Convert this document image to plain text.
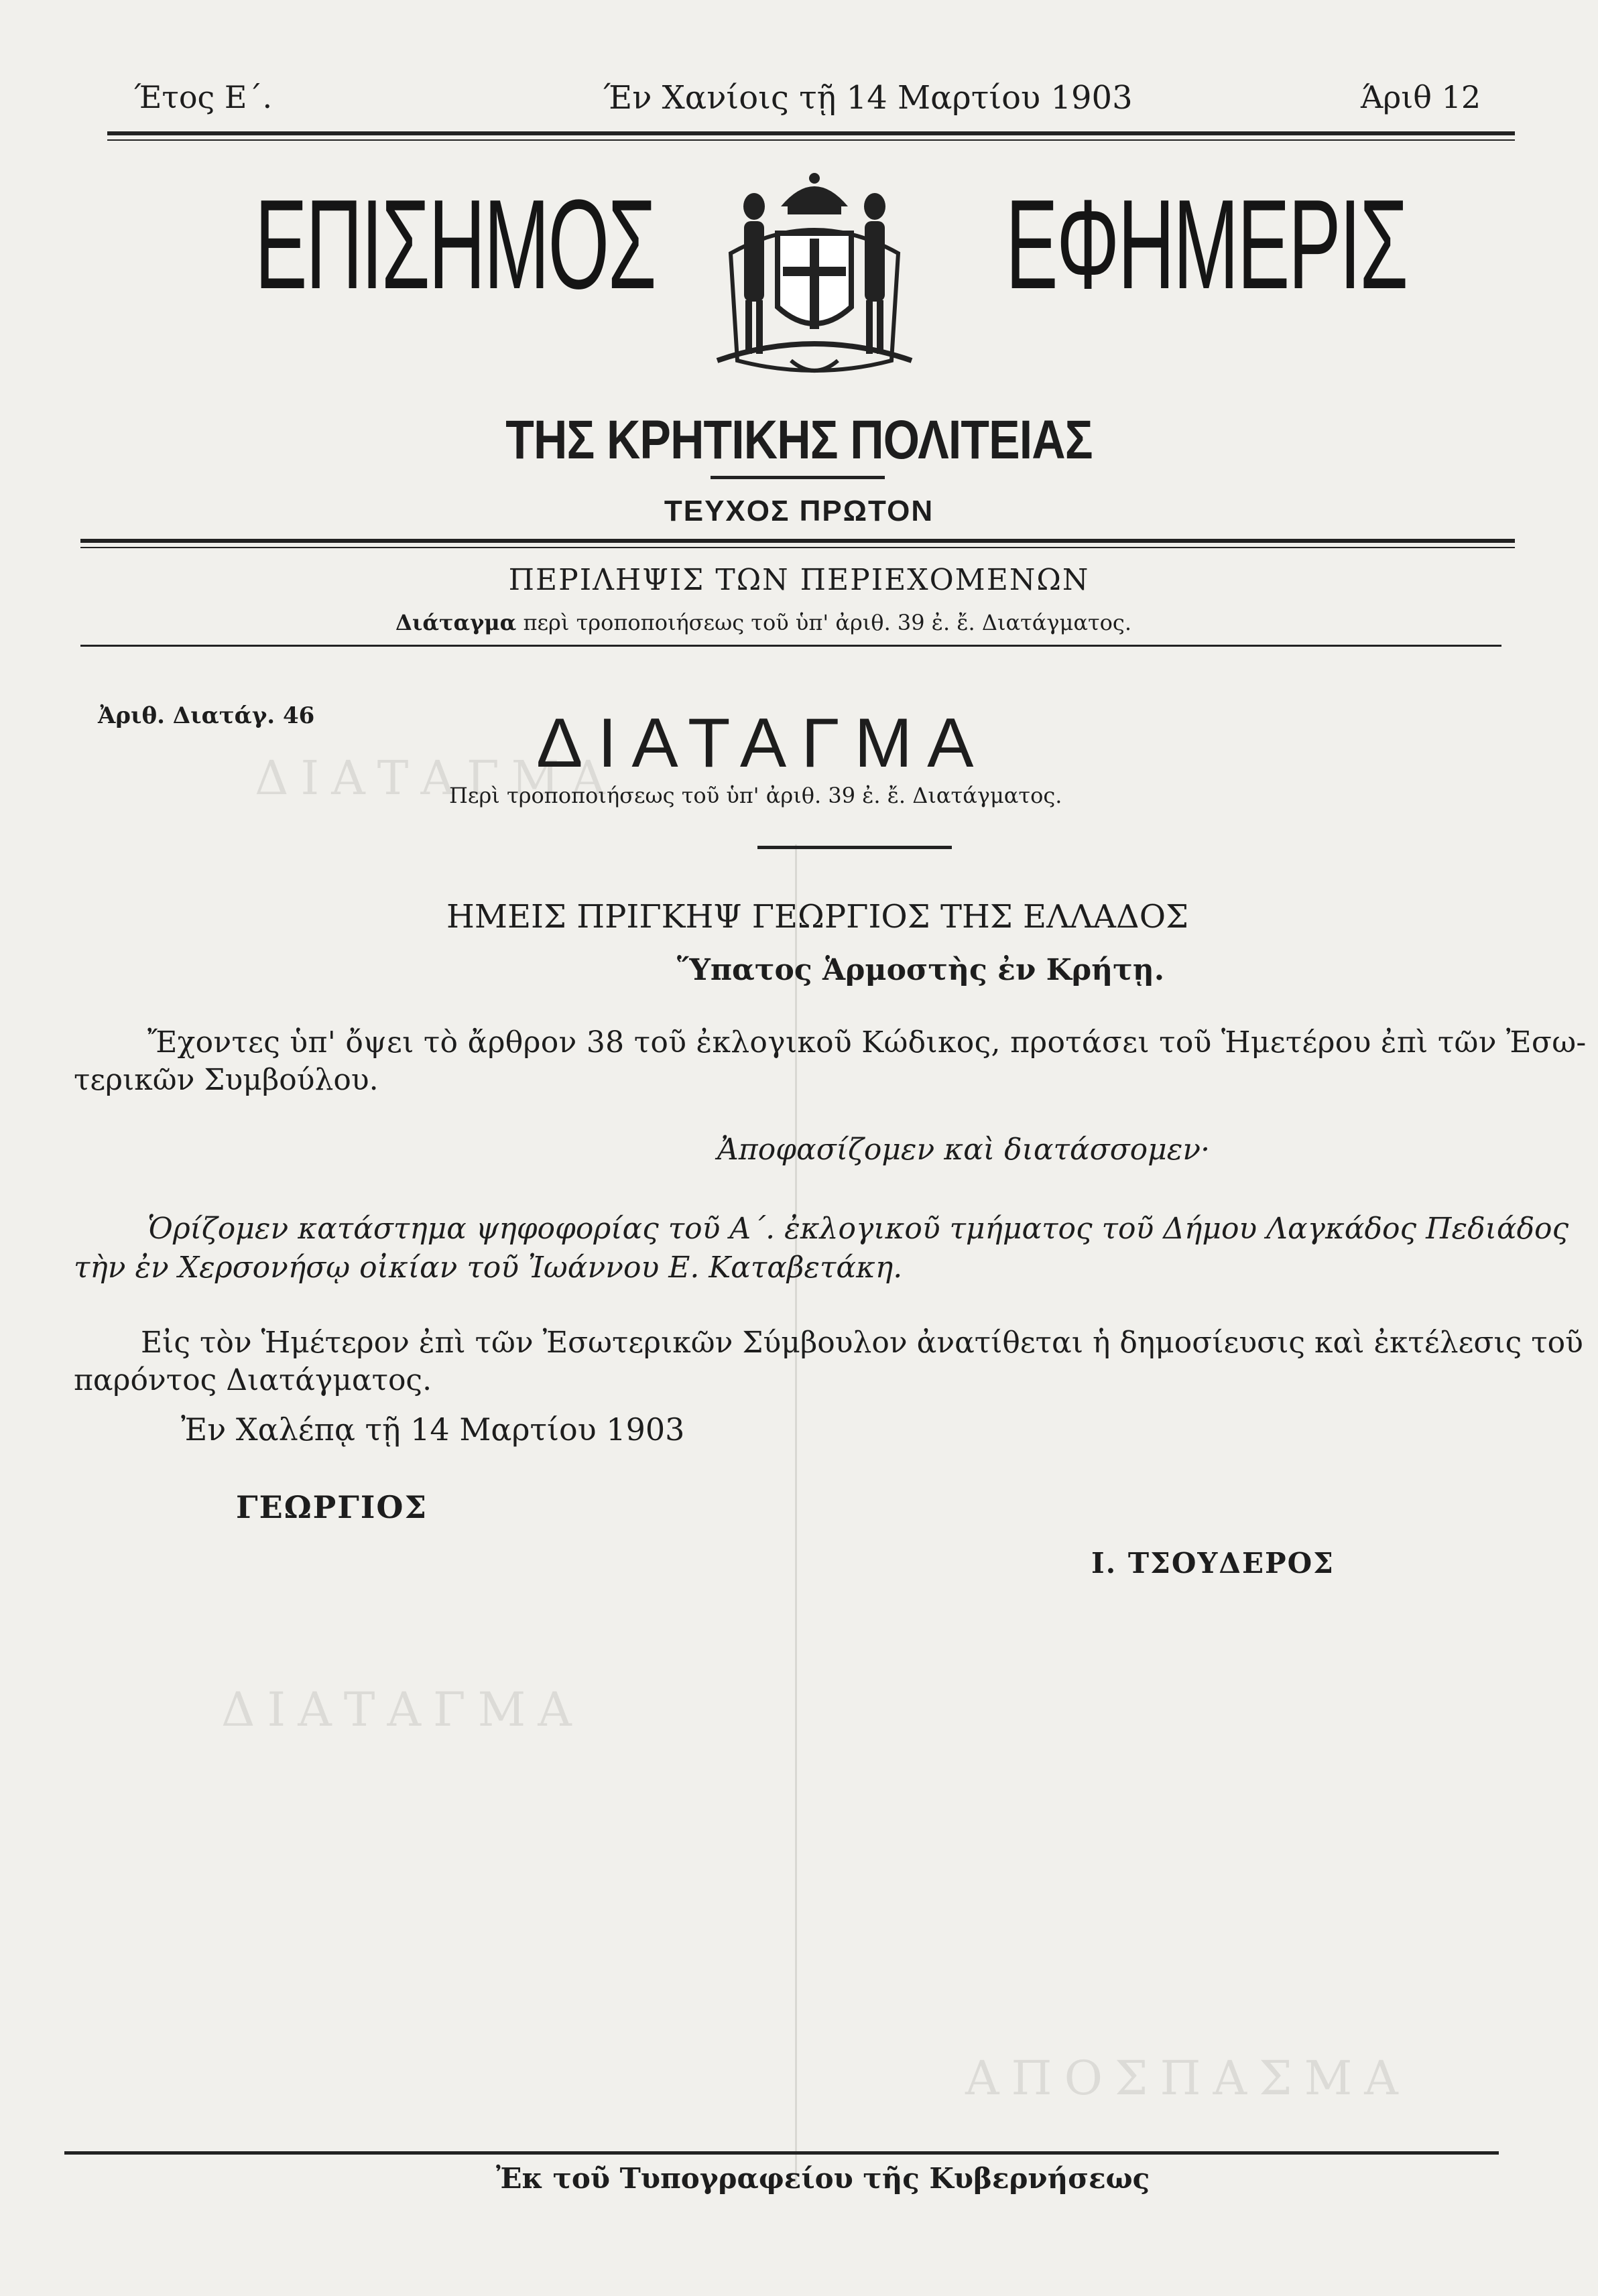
ΔΙΑΤΑΓΜΑ
ΔΙΑΤΑΓΜΑ
ΑΠΟΣΠΑΣΜΑ
Έτος Ε΄.	Έν Χανίοις τῇ 14 Μαρτίου 1903	Άριθ 12
ΕΠΙΣΗΜΟΣ	ΕΦΗΜΕΡΙΣ
ΤΗΣ ΚΡΗΤΙΚΗΣ ΠΟΛΙΤΕΙΑΣ
ΤΕΥΧΟΣ ΠΡΩΤΟΝ
ΠΕΡΙΛΗΨΙΣ ΤΩΝ ΠΕΡΙΕΧΟΜΕΝΩΝ
Διάταγμα περὶ τροποποιήσεως τοῦ ὑπ' ἀριθ. 39 ἐ. ἔ. Διατάγματος.
Ἀριθ. Διατάγ. 46	ΔΙΑΤΑΓΜΑ
Περὶ τροποποιήσεως τοῦ ὑπ' ἀριθ. 39 ἐ. ἔ. Διατάγματος.
ΗΜΕΙΣ ΠΡΙΓΚΗΨ ΓΕΩΡΓΙΟΣ ΤΗΣ ΕΛΛΑΔΟΣ
Ὕπατος Ἁρμοστὴς ἐν Κρήτῃ.
Ἔχοντες ὑπ' ὄψει τὸ ἄρθρον 38 τοῦ ἐκλογικοῦ Κώδικος, προτάσει τοῦ Ἡμετέρου ἐπὶ τῶν Ἐσω-
τερικῶν Συμβούλου.
Ἀποφασίζομεν καὶ διατάσσομεν·
Ὁρίζομεν κατάστημα ψηφοφορίας τοῦ Α΄. ἐκλογικοῦ τμήματος τοῦ Δήμου Λαγκάδος Πεδιάδος
τὴν ἐν Χερσονήσῳ οἰκίαν τοῦ Ἰωάννου Ε. Καταβετάκη.
Εἰς τὸν Ἡμέτερον ἐπὶ τῶν Ἐσωτερικῶν Σύμβουλον ἀνατίθεται ἡ δημοσίευσις καὶ ἐκτέλεσις τοῦ
παρόντος Διατάγματος.
Ἐν Χαλέπᾳ τῇ 14 Μαρτίου 1903
ΓΕΩΡΓΙΟΣ
Ι. ΤΣΟΥΔΕΡΟΣ
Ἐκ τοῦ Τυπογραφείου τῆς Κυβερνήσεως
